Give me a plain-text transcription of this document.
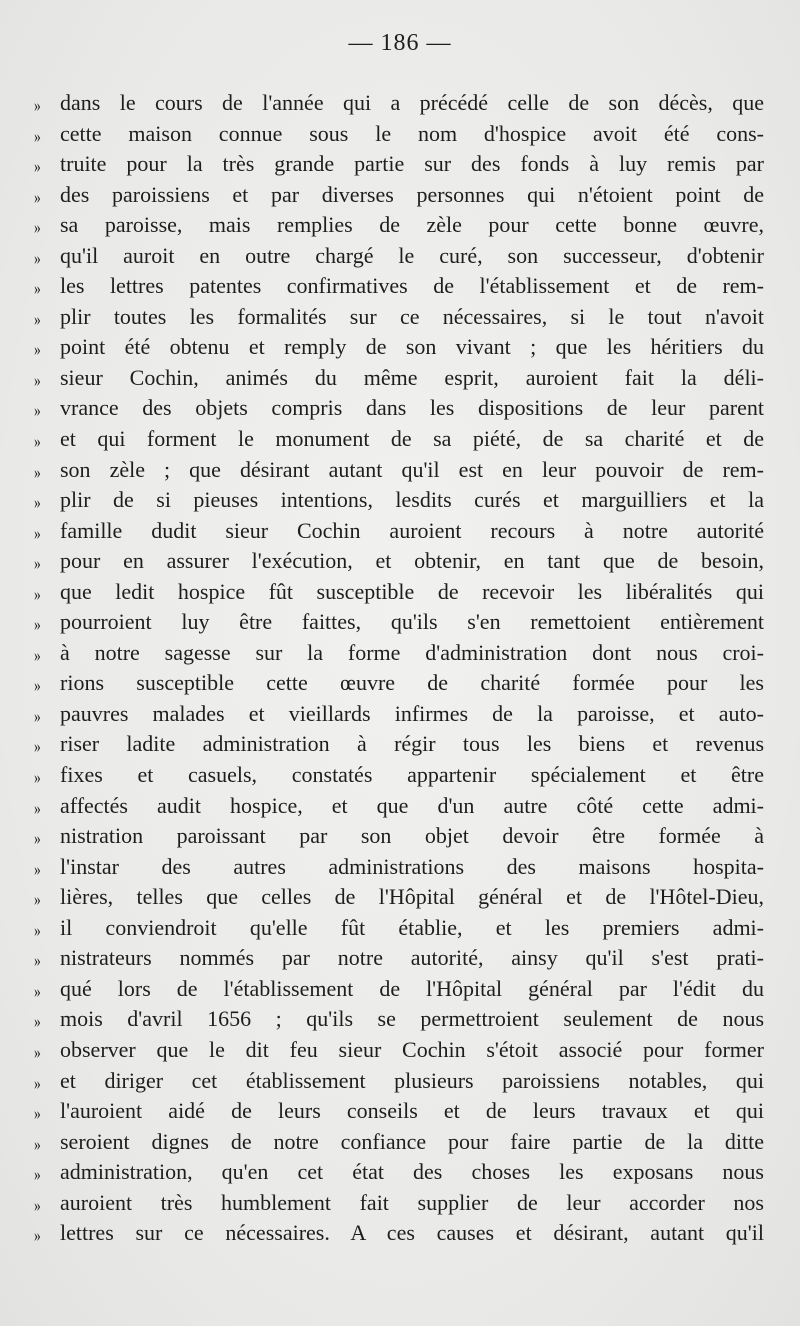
— 186 —
» dans le cours de l'année qui a précédé celle de son décès, que
» cette maison connue sous le nom d'hospice avoit été cons-
» truite pour la très grande partie sur des fonds à luy remis par
» des paroissiens et par diverses personnes qui n'étoient point de
» sa paroisse, mais remplies de zèle pour cette bonne œuvre,
» qu'il auroit en outre chargé le curé, son successeur, d'obtenir
» les lettres patentes confirmatives de l'établissement et de rem-
» plir toutes les formalités sur ce nécessaires, si le tout n'avoit
» point été obtenu et remply de son vivant ; que les héritiers du
» sieur Cochin, animés du même esprit, auroient fait la déli-
» vrance des objets compris dans les dispositions de leur parent
» et qui forment le monument de sa piété, de sa charité et de
» son zèle ; que désirant autant qu'il est en leur pouvoir de rem-
» plir de si pieuses intentions, lesdits curés et marguilliers et la
» famille dudit sieur Cochin auroient recours à notre autorité
» pour en assurer l'exécution, et obtenir, en tant que de besoin,
» que ledit hospice fût susceptible de recevoir les libéralités qui
» pourroient luy être faittes, qu'ils s'en remettoient entièrement
» à notre sagesse sur la forme d'administration dont nous croi-
» rions susceptible cette œuvre de charité formée pour les
» pauvres malades et vieillards infirmes de la paroisse, et auto-
» riser ladite administration à régir tous les biens et revenus
» fixes et casuels, constatés appartenir spécialement et être
» affectés audit hospice, et que d'un autre côté cette admi-
» nistration paroissant par son objet devoir être formée à
» l'instar des autres administrations des maisons hospita-
» lières, telles que celles de l'Hôpital général et de l'Hôtel-Dieu,
» il conviendroit qu'elle fût établie, et les premiers admi-
» nistrateurs nommés par notre autorité, ainsy qu'il s'est prati-
» qué lors de l'établissement de l'Hôpital général par l'édit du
» mois d'avril 1656 ; qu'ils se permettroient seulement de nous
» observer que le dit feu sieur Cochin s'étoit associé pour former
» et diriger cet établissement plusieurs paroissiens notables, qui
» l'auroient aidé de leurs conseils et de leurs travaux et qui
» seroient dignes de notre confiance pour faire partie de la ditte
» administration, qu'en cet état des choses les exposans nous
» auroient très humblement fait supplier de leur accorder nos
» lettres sur ce nécessaires. A ces causes et désirant, autant qu'il
